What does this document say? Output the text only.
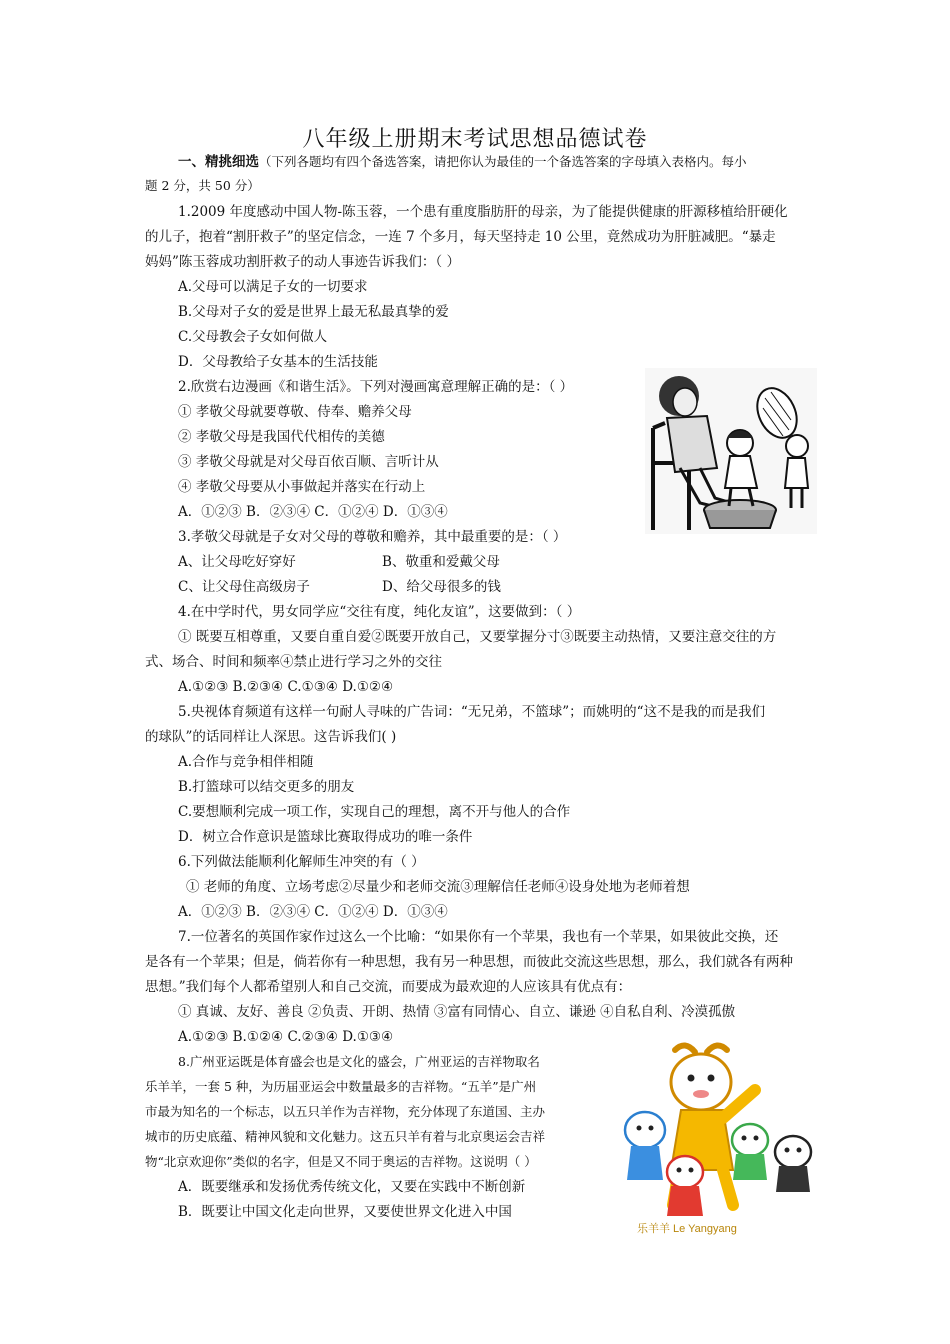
八年级上册期末考试思想品德试卷
一、精挑细选（下列各题均有四个备选答案，请把你认为最佳的一个备选答案的字母填入表格内。每小
题 2 分，共 50 分）
1.2009 年度感动中国人物-陈玉蓉，一个患有重度脂肪肝的母亲，为了能提供健康的肝源移植给肝硬化
的儿子，抱着“割肝救子”的坚定信念，一连 7 个多月，每天坚持走 10 公里，竟然成功为肝脏减肥。“暴走
妈妈”陈玉蓉成功割肝救子的动人事迹告诉我们：（ ）
A.父母可以满足子女的一切要求
B.父母对子女的爱是世界上最无私最真挚的爱
C.父母教会子女如何做人
D．父母教给子女基本的生活技能
2.欣赏右边漫画《和谐生活》。下列对漫画寓意理解正确的是：（ ）
① 孝敬父母就要尊敬、侍奉、赡养父母
② 孝敬父母是我国代代相传的美德
③ 孝敬父母就是对父母百依百顺、言听计从
④ 孝敬父母要从小事做起并落实在行动上
A．①②③ B．②③④ C．①②④ D．①③④
3.孝敬父母就是子女对父母的尊敬和赡养，其中最重要的是：（ ）
A、让父母吃好穿好	B、敬重和爱戴父母
C、让父母住高级房子	D、给父母很多的钱
4.在中学时代，男女同学应“交往有度，纯化友谊”，这要做到：（ ）
① 既要互相尊重，又要自重自爱②既要开放自己，又要掌握分寸③既要主动热情，又要注意交往的方
式、场合、时间和频率④禁止进行学习之外的交往
A.①②③ B.②③④ C.①③④ D.①②④
5.央视体育频道有这样一句耐人寻味的广告词：“无兄弟，不篮球”；而姚明的“这不是我的而是我们
的球队”的话同样让人深思。这告诉我们( )
A.合作与竞争相伴相随
B.打篮球可以结交更多的朋友
C.要想顺利完成一项工作，实现自己的理想，离不开与他人的合作
D．树立合作意识是篮球比赛取得成功的唯一条件
6.下列做法能顺利化解师生冲突的有（ ）
① 老师的角度、立场考虑②尽量少和老师交流③理解信任老师④设身处地为老师着想
A．①②③ B．②③④ C．①②④ D．①③④
7.一位著名的英国作家作过这么一个比喻：“如果你有一个苹果，我也有一个苹果，如果彼此交换，还
是各有一个苹果；但是，倘若你有一种思想，我有另一种思想，而彼此交流这些思想，那么，我们就各有两种
思想。”我们每个人都希望别人和自己交流，而要成为最欢迎的人应该具有优点有：
① 真诚、友好、善良 ②负责、开朗、热情 ③富有同情心、自立、谦逊 ④自私自利、冷漠孤傲
A.①②③ B.①②④ C.②③④ D.①③④
8.广州亚运既是体育盛会也是文化的盛会，广州亚运的吉祥物取名
乐羊羊，一套 5 种，为历届亚运会中数量最多的吉祥物。“五羊”是广州
市最为知名的一个标志，以五只羊作为吉祥物，充分体现了东道国、主办
城市的历史底蕴、精神风貌和文化魅力。这五只羊有着与北京奥运会吉祥
物“北京欢迎你”类似的名字，但是又不同于奥运的吉祥物。这说明（ ）
A．既要继承和发扬优秀传统文化，又要在实践中不断创新
B．既要让中国文化走向世界，又要使世界文化进入中国
乐羊羊 Le Yangyang
